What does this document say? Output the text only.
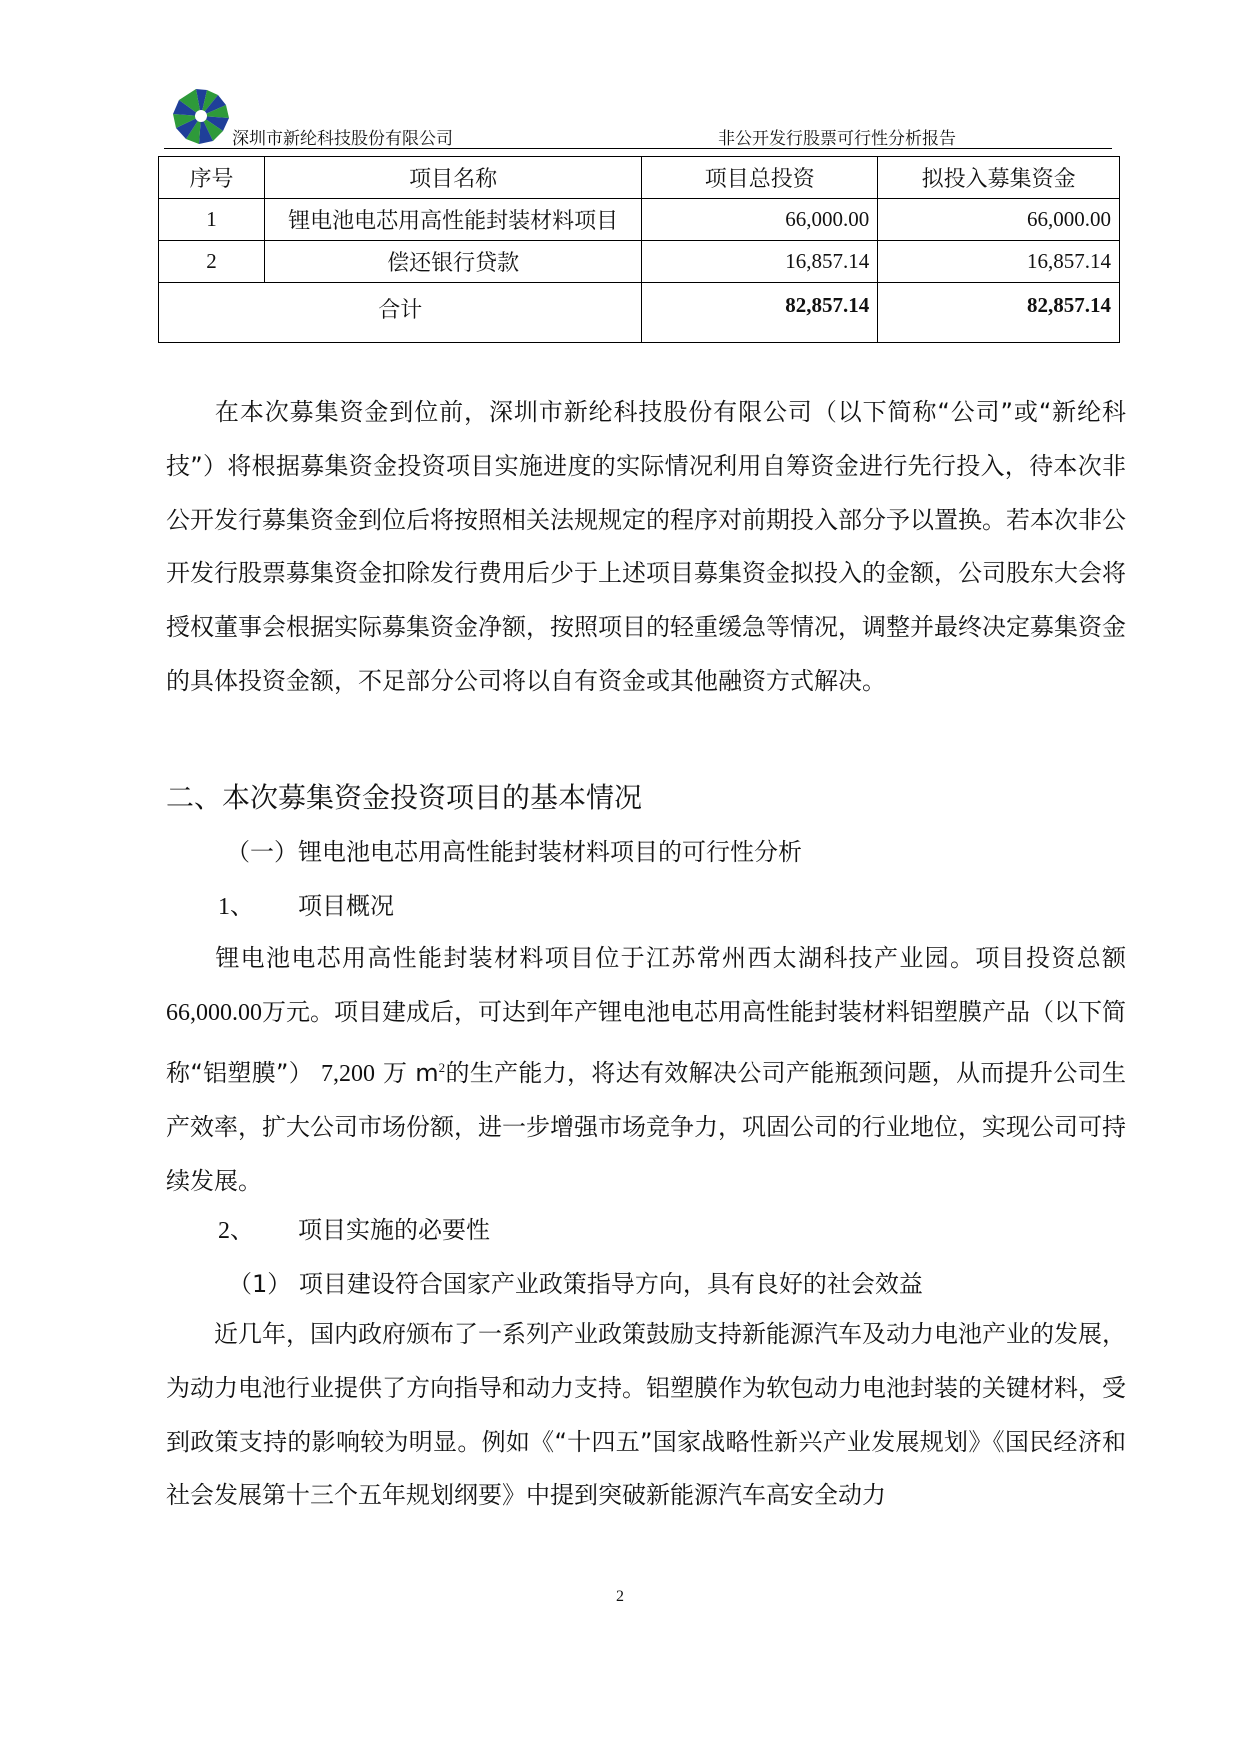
深圳市新纶科技股份有限公司	非公开发行股票可行性分析报告
序号	项目名称	项目总投资	拟投入募集资金
1	锂电池电芯用高性能封装材料项目	66,000.00	66,000.00
2	偿还银行贷款	16,857.14	16,857.14
合计		82,857.14	82,857.14

在本次募集资金到位前，深圳市新纶科技股份有限公司（以下简称“公司”或“新纶科技”）将根据募集资金投资项目实施进度的实际情况利用自筹资金进行先行投入，待本次非公开发行募集资金到位后将按照相关法规规定的程序对前期投入部分予以置换。若本次非公开发行股票募集资金扣除发行费用后少于上述项目募集资金拟投入的金额，公司股东大会将授权董事会根据实际募集资金净额，按照项目的轻重缓急等情况，调整并最终决定募集资金的具体投资金额，不足部分公司将以自有资金或其他融资方式解决。

二、本次募集资金投资项目的基本情况

（一）锂电池电芯用高性能封装材料项目的可行性分析

1、 项目概况

锂电池电芯用高性能封装材料项目位于江苏常州西太湖科技产业园。项目投资总额66,000.00万元。项目建成后，可达到年产锂电池电芯用高性能封装材料铝塑膜产品（以下简称“铝塑膜”） 7,200 万 $m^2$的生产能力，将达有效解决公司产能瓶颈问题，从而提升公司生产效率，扩大公司市场份额，进一步增强市场竞争力，巩固公司的行业地位，实现公司可持续发展。

2、 项目实施的必要性

（1） 项目建设符合国家产业政策指导方向，具有良好的社会效益

近几年，国内政府颁布了一系列产业政策鼓励支持新能源汽车及动力电池产业的发展，为动力电池行业提供了方向指导和动力支持。铝塑膜作为软包动力电池封装的关键材料，受到政策支持的影响较为明显。例如《“十四五”国家战略性新兴产业发展规划》《国民经济和社会发展第十三个五年规划纲要》中提到突破新能源汽车高安全动力

2
